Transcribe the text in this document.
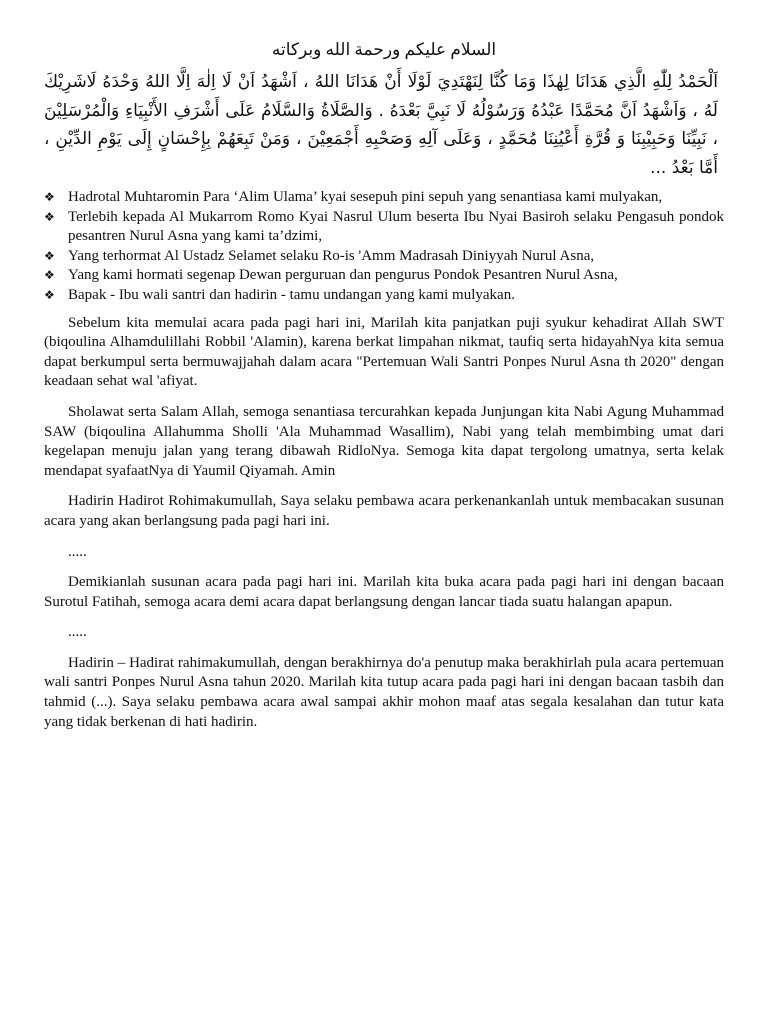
السلام عليكم ورحمة الله وبركاته

اَلْحَمْدُ لِلّٰهِ الَّذِي هَدَانَا لِهٰذَا وَمَا كُنَّا لِنَهْتَدِيَ لَوْلَا أَنْ هَدَانَا اللهُ ، اَشْهَدُ اَنْ لَا اِلٰهَ اِلَّا اللهُ وَحْدَهُ لَاشَرِيْكَ لَهُ ، وَاَشْهَدُ اَنَّ مُحَمَّدًا عَبْدُهُ وَرَسُوْلُهُ لَا نَبِيَّ بَعْدَهُ . وَالصَّلَاةُ وَالسَّلَامُ عَلَى أَشْرَفِ الأَنْبِيَاءِ وَالْمُرْسَلِيْنَ ، نَبِيِّنَا وَحَبِيْبِنَا وَ قُرَّةِ أَعْيُنِنَا مُحَمَّدٍ ، وَعَلَى آلِهِ وَصَحْبِهِ أَجْمَعِيْنَ ، وَمَنْ تَبِعَهُمْ بِإِحْسَانٍ إِلَى يَوْمِ الدِّيْنِ ، أَمَّا بَعْدُ ...

❖ Hadrotal Muhtaromin Para ‘Alim Ulama’ kyai sesepuh pini sepuh yang senantiasa kami mulyakan,
❖ Terlebih kepada Al Mukarrom Romo Kyai Nasrul Ulum beserta Ibu Nyai Basiroh selaku Pengasuh pondok pesantren Nurul Asna yang kami ta’dzimi,
❖ Yang terhormat Al Ustadz Selamet selaku Ro-is 'Amm Madrasah Diniyyah Nurul Asna,
❖ Yang kami hormati segenap Dewan perguruan dan pengurus Pondok Pesantren Nurul Asna,
❖ Bapak - Ibu wali santri dan hadirin - tamu undangan yang kami mulyakan.

Sebelum kita memulai acara pada pagi hari ini, Marilah kita panjatkan puji syukur kehadirat Allah SWT (biqoulina Alhamdulillahi Robbil 'Alamin), karena berkat limpahan nikmat, taufiq serta hidayahNya kita semua dapat berkumpul serta bermuwajjahah dalam acara "Pertemuan Wali Santri Ponpes Nurul Asna th 2020" dengan keadaan sehat wal 'afiyat.

Sholawat serta Salam Allah, semoga senantiasa tercurahkan kepada Junjungan kita Nabi Agung Muhammad SAW (biqoulina Allahumma Sholli 'Ala Muhammad Wasallim), Nabi yang telah membimbing umat dari kegelapan menuju jalan yang terang dibawah RidloNya. Semoga kita dapat tergolong umatnya, serta kelak mendapat syafaatNya di Yaumil Qiyamah. Amin

Hadirin Hadirot Rohimakumullah, Saya selaku pembawa acara perkenankanlah untuk membacakan susunan acara yang akan berlangsung pada pagi hari ini.

.....

Demikianlah susunan acara pada pagi hari ini. Marilah kita buka acara pada pagi hari ini dengan bacaan Surotul Fatihah, semoga acara demi acara dapat berlangsung dengan lancar tiada suatu halangan apapun.

.....

Hadirin – Hadirat rahimakumullah, dengan berakhirnya do'a penutup maka berakhirlah pula acara pertemuan wali santri Ponpes Nurul Asna tahun 2020. Marilah kita tutup acara pada pagi hari ini dengan bacaan tasbih dan tahmid (...). Saya selaku pembawa acara awal sampai akhir mohon maaf atas segala kesalahan dan tutur kata yang tidak berkenan di hati hadirin.
